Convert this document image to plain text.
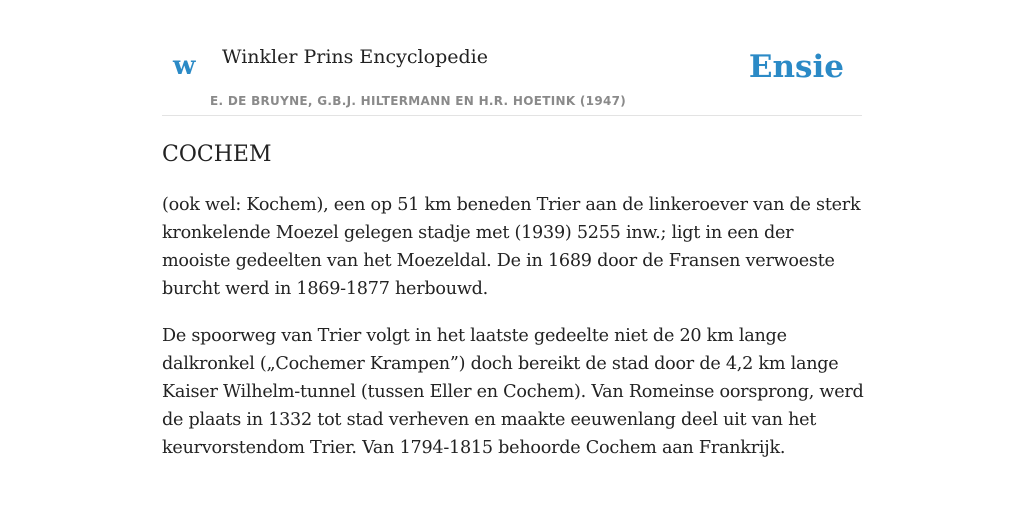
w Winkler Prins Encyclopedie
E. DE BRUYNE, G.B.J. HILTERMANN EN H.R. HOETINK (1947)
Ensie
COCHEM

(ook wel: Kochem), een op 51 km beneden Trier aan de linkeroever van de sterk kronkelende Moezel gelegen stadje met (1939) 5255 inw.; ligt in een der mooiste gedeelten van het Moezeldal. De in 1689 door de Fransen verwoeste burcht werd in 1869-1877 herbouwd.

De spoorweg van Trier volgt in het laatste gedeelte niet de 20 km lange dalkronkel („Cochemer Krampen”) doch bereikt de stad door de 4,2 km lange Kaiser Wilhelm-tunnel (tussen Eller en Cochem). Van Romeinse oorsprong, werd de plaats in 1332 tot stad verheven en maakte eeuwenlang deel uit van het keurvorstendom Trier. Van 1794-1815 behoorde Cochem aan Frankrijk.
